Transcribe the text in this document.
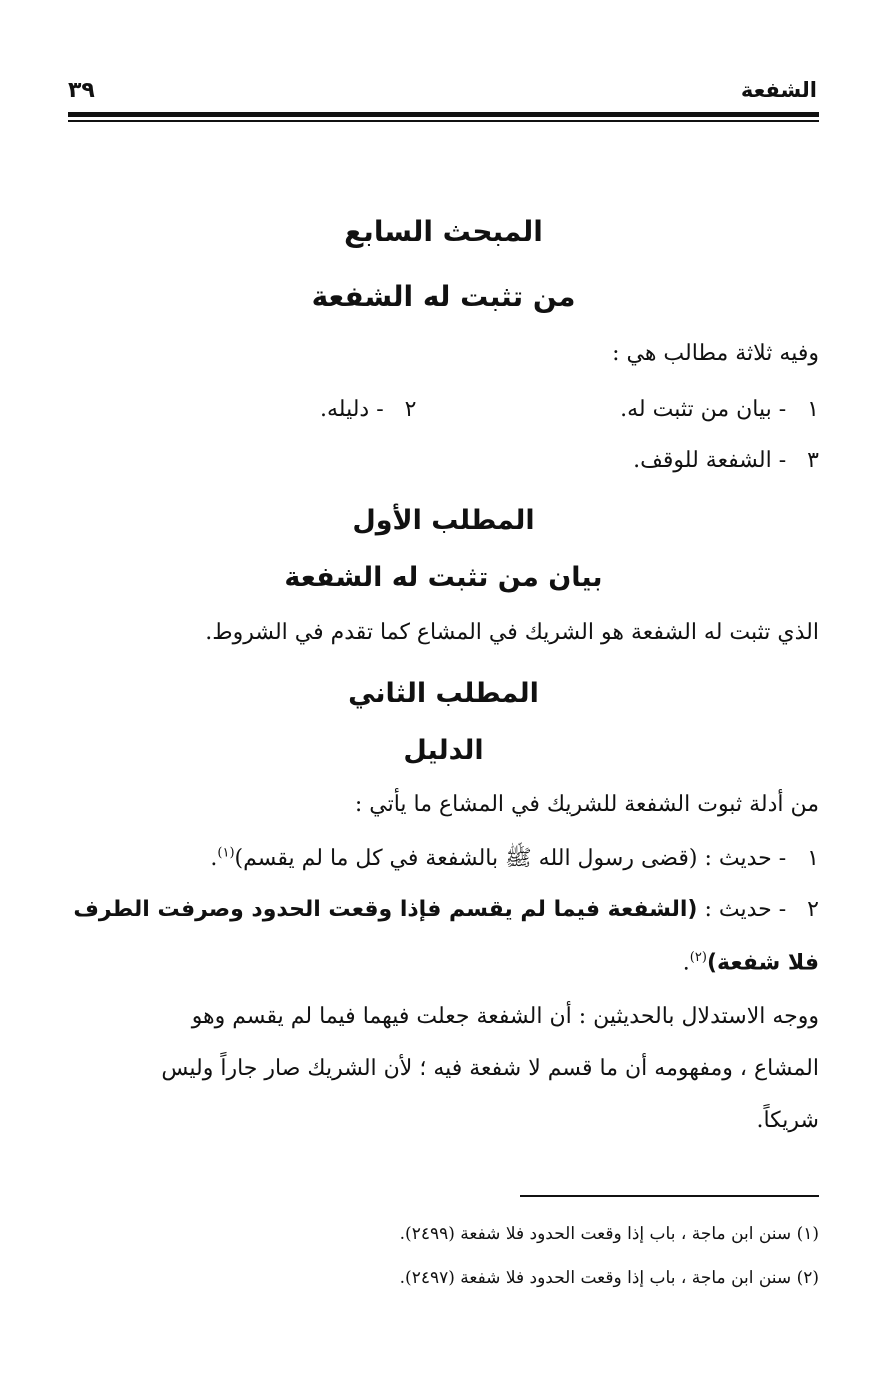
الشفعة
٣٩
المبحث السابع
من تثبت له الشفعة
وفيه ثلاثة مطالب هي :
١   - بيان من تثبت له.
٢   - دليله.
٣   - الشفعة للوقف.
المطلب الأول
بيان من تثبت له الشفعة
الذي تثبت له الشفعة هو الشريك في المشاع كما تقدم في الشروط.
المطلب الثاني
الدليل
من أدلة ثبوت الشفعة للشريك في المشاع ما يأتي :
١   - حديث : (قضى رسول الله ﷺ بالشفعة في كل ما لم يقسم)$^{(١)}$.
٢   - حديث : (الشفعة فيما لم يقسم فإذا وقعت الحدود وصرفت الطرف
فلا شفعة)$^{(٢)}$.
ووجه الاستدلال بالحديثين : أن الشفعة جعلت فيهما فيما لم يقسم وهو
المشاع ، ومفهومه أن ما قسم لا شفعة فيه ؛ لأن الشريك صار جاراً وليس
شريكاً.
(١) سنن ابن ماجة ، باب إذا وقعت الحدود فلا شفعة (٢٤٩٩).
(٢) سنن ابن ماجة ، باب إذا وقعت الحدود فلا شفعة (٢٤٩٧).
